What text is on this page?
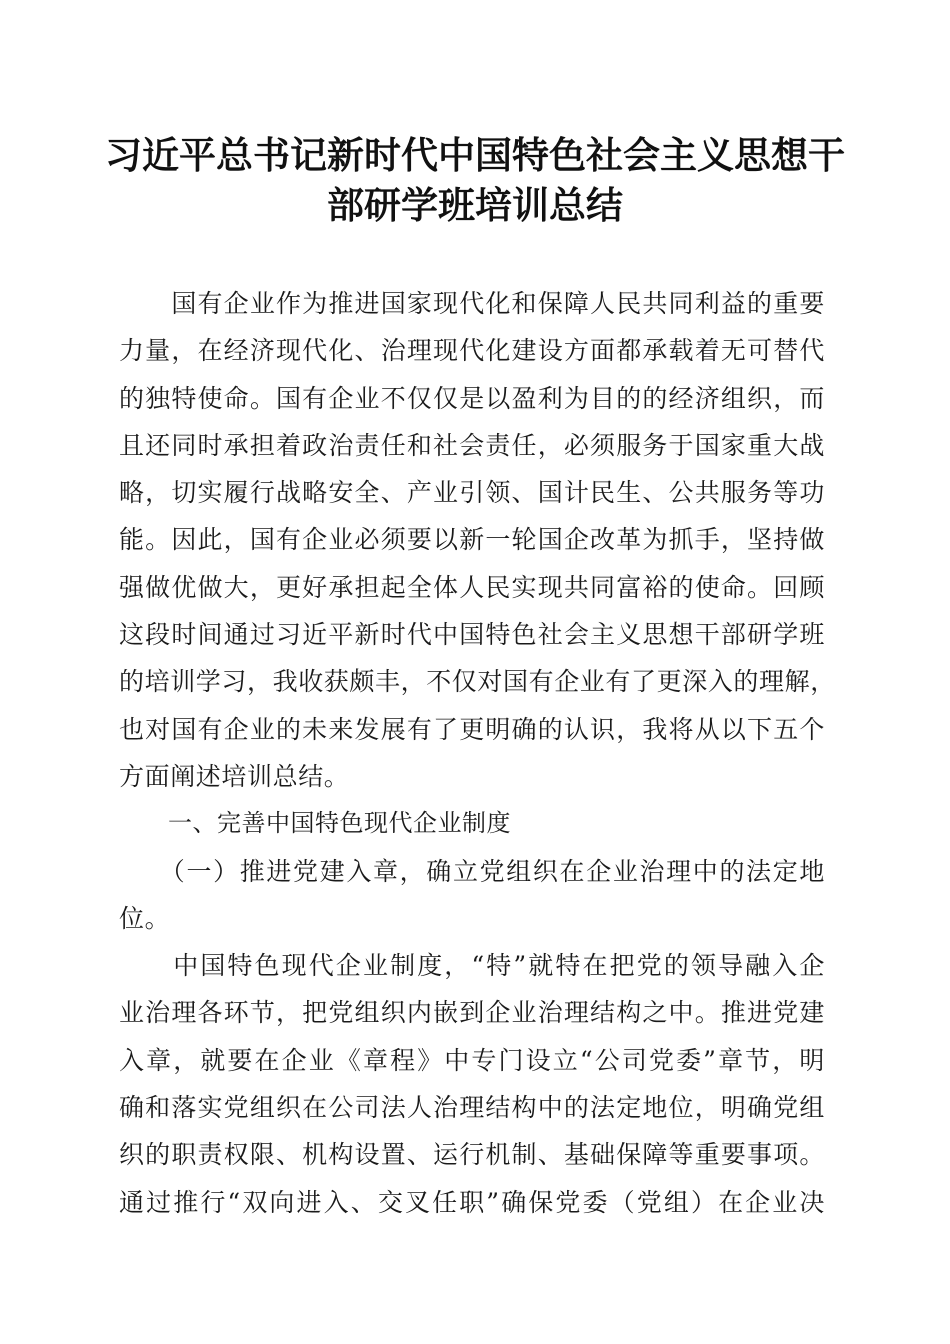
习近平总书记新时代中国特色社会主义思想干
部研学班培训总结
　　国有企业作为推进国家现代化和保障人民共同利益的重要
力量，在经济现代化、治理现代化建设方面都承载着无可替代
的独特使命。国有企业不仅仅是以盈利为目的的经济组织，而
且还同时承担着政治责任和社会责任，必须服务于国家重大战
略，切实履行战略安全、产业引领、国计民生、公共服务等功
能。因此，国有企业必须要以新一轮国企改革为抓手，坚持做
强做优做大，更好承担起全体人民实现共同富裕的使命。回顾
这段时间通过习近平新时代中国特色社会主义思想干部研学班
的培训学习，我收获颇丰，不仅对国有企业有了更深入的理解，
也对国有企业的未来发展有了更明确的认识，我将从以下五个
方面阐述培训总结。
　　一、完善中国特色现代企业制度
　　（一）推进党建入章，确立党组织在企业治理中的法定地
位。
　　中国特色现代企业制度，“特”就特在把党的领导融入企
业治理各环节，把党组织内嵌到企业治理结构之中。推进党建
入章，就要在企业《章程》中专门设立“公司党委”章节，明
确和落实党组织在公司法人治理结构中的法定地位，明确党组
织的职责权限、机构设置、运行机制、基础保障等重要事项。
通过推行“双向进入、交叉任职”确保党委（党组）在企业决
